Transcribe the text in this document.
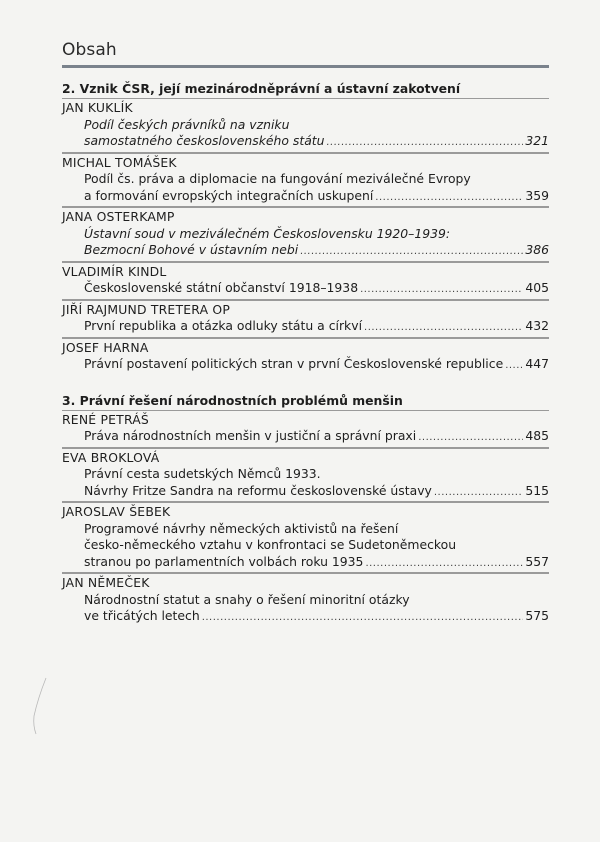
Obsah
2. Vznik ČSR, její mezinárodněprávní a ústavní zakotvení
JAN KUKLÍK
Podíl českých právníků na vzniku
samostatného československého státu .....	321
MICHAL TOMÁŠEK
Podíl čs. práva a diplomacie na fungování meziválečné Evropy
a formování evropských integračních uskupení .....	359
JANA OSTERKAMP
Ústavní soud v meziválečném Československu 1920–1939:
Bezmocní Bohové v ústavním nebi .....	386
VLADIMÍR KINDL
Československé státní občanství 1918–1938 .....	405
JIŘÍ RAJMUND TRETERA OP
První republika a otázka odluky státu a církví .....	432
JOSEF HARNA
Právní postavení politických stran v první Československé republice ..... 447
3. Právní řešení národnostních problémů menšin
RENÉ PETRÁŠ
Práva národnostních menšin v justiční a správní praxi .....	485
EVA BROKLOVÁ
Právní cesta sudetských Němců 1933.
Návrhy Fritze Sandra na reformu československé ústavy .....	515
JAROSLAV ŠEBEK
Programové návrhy německých aktivistů na řešení
česko-německého vztahu v konfrontaci se Sudetoněmeckou
stranou po parlamentních volbách roku 1935 .....	557
JAN NĚMEČEK
Národnostní statut a snahy o řešení minoritní otázky
ve třicátých letech .....	575
